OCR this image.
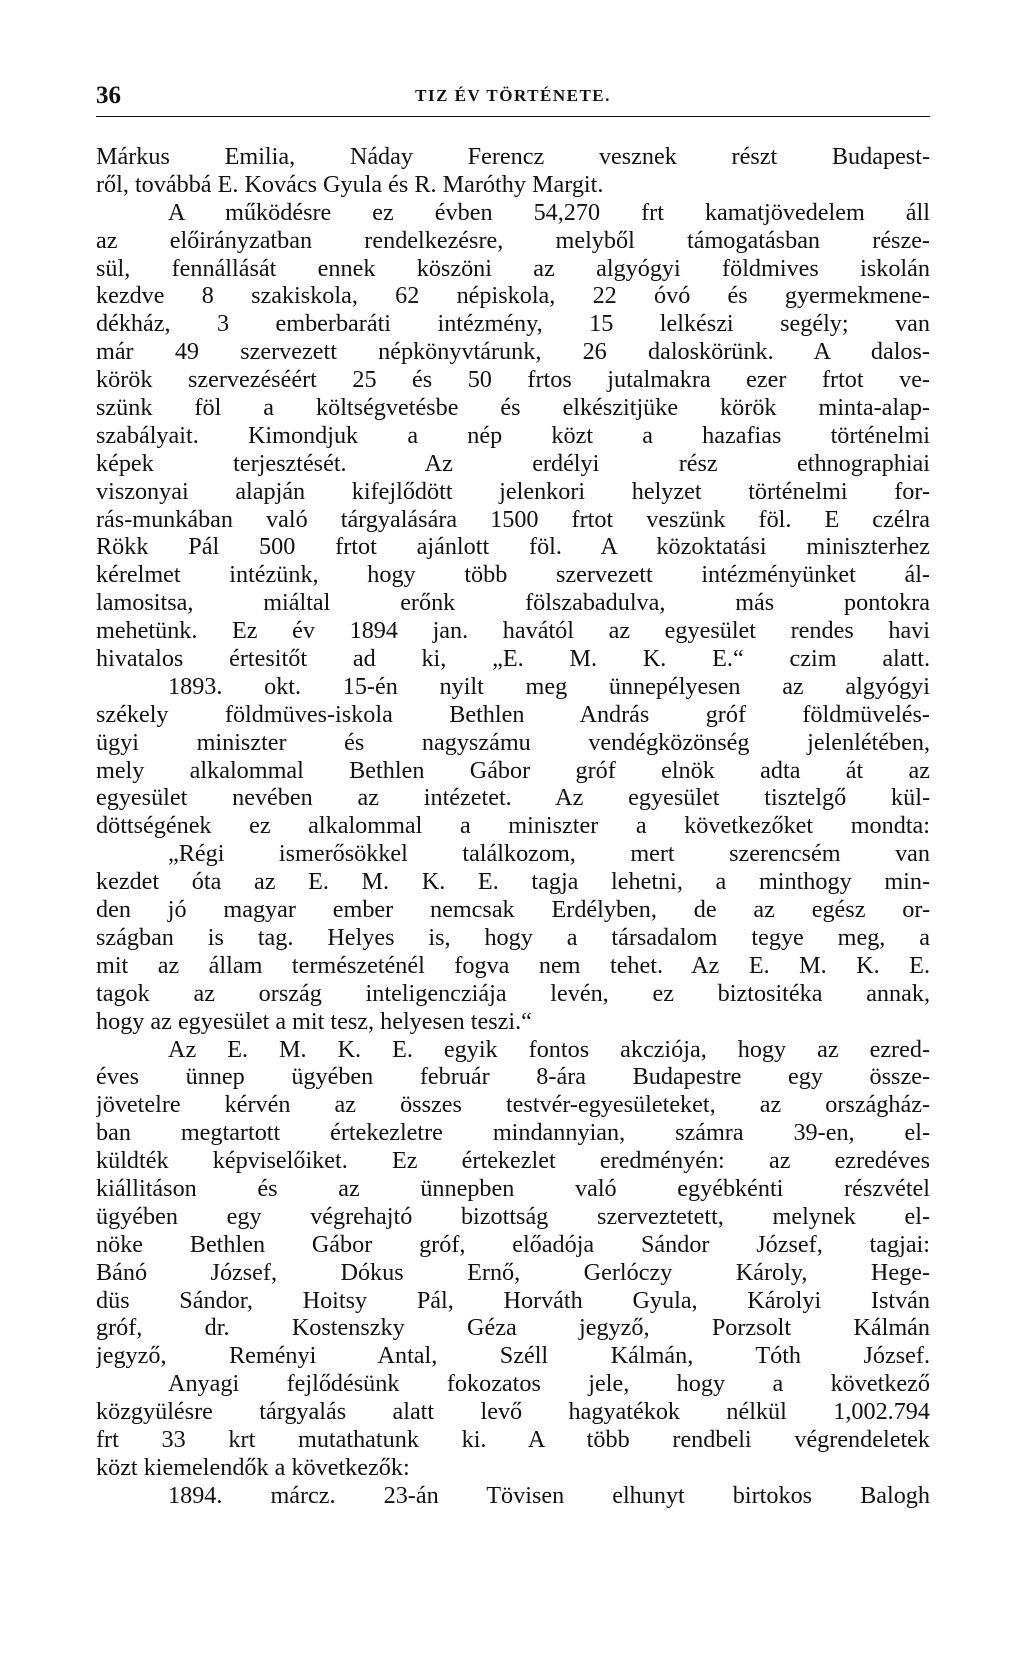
36	TIZ ÉV TÖRTÉNETE.
Márkus Emilia, Náday Ferencz vesznek részt Budapest-
ről, továbbá E. Kovács Gyula és R. Maróthy Margit.
A működésre ez évben 54,270 frt kamatjövedelem áll
az előirányzatban rendelkezésre, melyből támogatásban része-
sül, fennállását ennek köszöni az algyógyi földmives iskolán
kezdve 8 szakiskola, 62 népiskola, 22 óvó és gyermekmene-
dékház, 3 emberbaráti intézmény, 15 lelkészi segély; van
már 49 szervezett népkönyvtárunk, 26 daloskörünk. A dalos-
körök szervezéséért 25 és 50 frtos jutalmakra ezer frtot ve-
szünk föl a költségvetésbe és elkészitjüke körök minta-alap-
szabályait. Kimondjuk a nép közt a hazafias történelmi
képek terjesztését. Az erdélyi rész ethnographiai
viszonyai alapján kifejlődött jelenkori helyzet történelmi for-
rás-munkában való tárgyalására 1500 frtot veszünk föl. E czélra
Rökk Pál 500 frtot ajánlott föl. A közoktatási miniszterhez
kérelmet intézünk, hogy több szervezett intézményünket ál-
lamositsa, miáltal erőnk fölszabadulva, más pontokra
mehetünk. Ez év 1894 jan. havától az egyesület rendes havi
hivatalos értesitőt ad ki, „E. M. K. E.“ czim alatt.
1893. okt. 15-én nyilt meg ünnepélyesen az algyógyi
székely földmüves-iskola Bethlen András gróf földmüvelés-
ügyi miniszter és nagyszámu vendégközönség jelenlétében,
mely alkalommal Bethlen Gábor gróf elnök adta át az
egyesület nevében az intézetet. Az egyesület tisztelgő kül-
döttségének ez alkalommal a miniszter a következőket mondta:
„Régi ismerősökkel találkozom, mert szerencsém van
kezdet óta az E. M. K. E. tagja lehetni, a minthogy min-
den jó magyar ember nemcsak Erdélyben, de az egész or-
szágban is tag. Helyes is, hogy a társadalom tegye meg, a
mit az állam természeténél fogva nem tehet. Az E. M. K. E.
tagok az ország inteligencziája levén, ez biztositéka annak,
hogy az egyesület a mit tesz, helyesen teszi.“
Az E. M. K. E. egyik fontos akcziója, hogy az ezred-
éves ünnep ügyében február 8-ára Budapestre egy össze-
jövetelre kérvén az összes testvér-egyesületeket, az országház-
ban megtartott értekezletre mindannyian, számra 39-en, el-
küldték képviselőiket. Ez értekezlet eredményén: az ezredéves
kiállitáson és az ünnepben való egyébkénti részvétel
ügyében egy végrehajtó bizottság szerveztetett, melynek el-
nöke Bethlen Gábor gróf, előadója Sándor József, tagjai:
Bánó József, Dókus Ernő, Gerlóczy Károly, Hege-
düs Sándor, Hoitsy Pál, Horváth Gyula, Károlyi István
gróf, dr. Kostenszky Géza jegyző, Porzsolt Kálmán
jegyző, Reményi Antal, Széll Kálmán, Tóth József.
Anyagi fejlődésünk fokozatos jele, hogy a következő
közgyülésre tárgyalás alatt levő hagyatékok nélkül 1,002.794
frt 33 krt mutathatunk ki. A több rendbeli végrendeletek
közt kiemelendők a következők:
1894. márcz. 23-án Tövisen elhunyt birtokos Balogh
